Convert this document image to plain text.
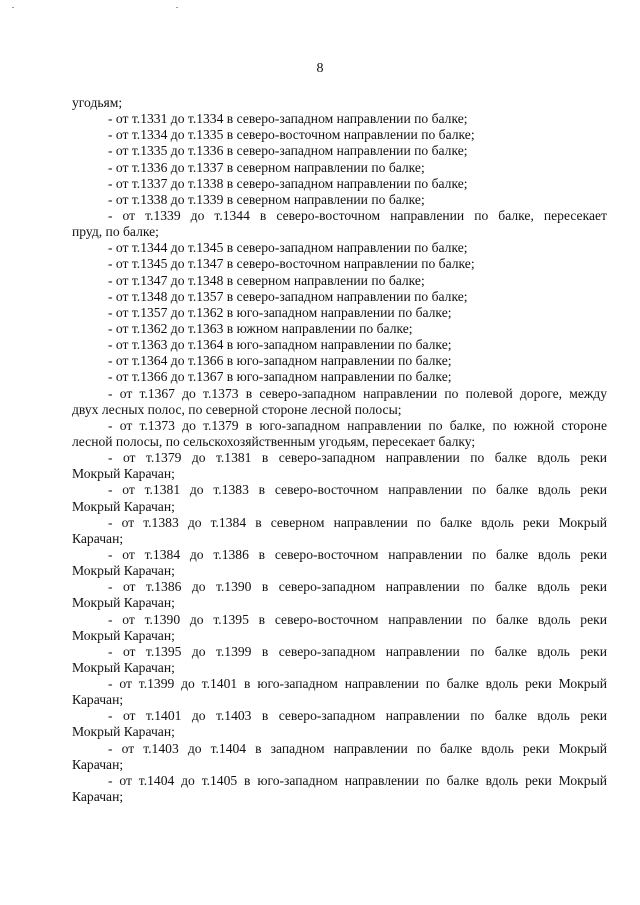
8
угодьям;
- от т.1331 до т.1334 в северо-западном направлении по балке;
- от т.1334 до т.1335 в северо-восточном направлении по балке;
- от т.1335 до т.1336 в северо-западном направлении по балке;
- от т.1336 до т.1337 в северном направлении по балке;
- от т.1337 до т.1338 в северо-западном направлении по балке;
- от т.1338 до т.1339 в северном направлении по балке;
- от т.1339 до т.1344 в северо-восточном направлении по балке, пересекает
пруд, по балке;
- от т.1344 до т.1345 в северо-западном направлении по балке;
- от т.1345 до т.1347 в северо-восточном направлении по балке;
- от т.1347 до т.1348 в северном направлении по балке;
- от т.1348 до т.1357 в северо-западном направлении по балке;
- от т.1357 до т.1362 в юго-западном направлении по балке;
- от т.1362 до т.1363 в южном направлении по балке;
- от т.1363 до т.1364 в юго-западном направлении по балке;
- от т.1364 до т.1366 в юго-западном направлении по балке;
- от т.1366 до т.1367 в юго-западном направлении по балке;
- от т.1367 до т.1373 в северо-западном направлении по полевой дороге, между
двух лесных полос, по северной стороне лесной полосы;
- от т.1373 до т.1379 в юго-западном направлении по балке, по южной стороне
лесной полосы, по сельскохозяйственным угодьям, пересекает балку;
- от т.1379 до т.1381 в северо-западном направлении по балке вдоль реки
Мокрый Карачан;
- от т.1381 до т.1383 в северо-восточном направлении по балке вдоль реки
Мокрый Карачан;
- от т.1383 до т.1384 в северном направлении по балке вдоль реки Мокрый
Карачан;
- от т.1384 до т.1386 в северо-восточном направлении по балке вдоль реки
Мокрый Карачан;
- от т.1386 до т.1390 в северо-западном направлении по балке вдоль реки
Мокрый Карачан;
- от т.1390 до т.1395 в северо-восточном направлении по балке вдоль реки
Мокрый Карачан;
- от т.1395 до т.1399 в северо-западном направлении по балке вдоль реки
Мокрый Карачан;
- от т.1399 до т.1401 в юго-западном направлении по балке вдоль реки Мокрый
Карачан;
- от т.1401 до т.1403 в северо-западном направлении по балке вдоль реки
Мокрый Карачан;
- от т.1403 до т.1404 в западном направлении по балке вдоль реки Мокрый
Карачан;
- от т.1404 до т.1405 в юго-западном направлении по балке вдоль реки Мокрый
Карачан;
